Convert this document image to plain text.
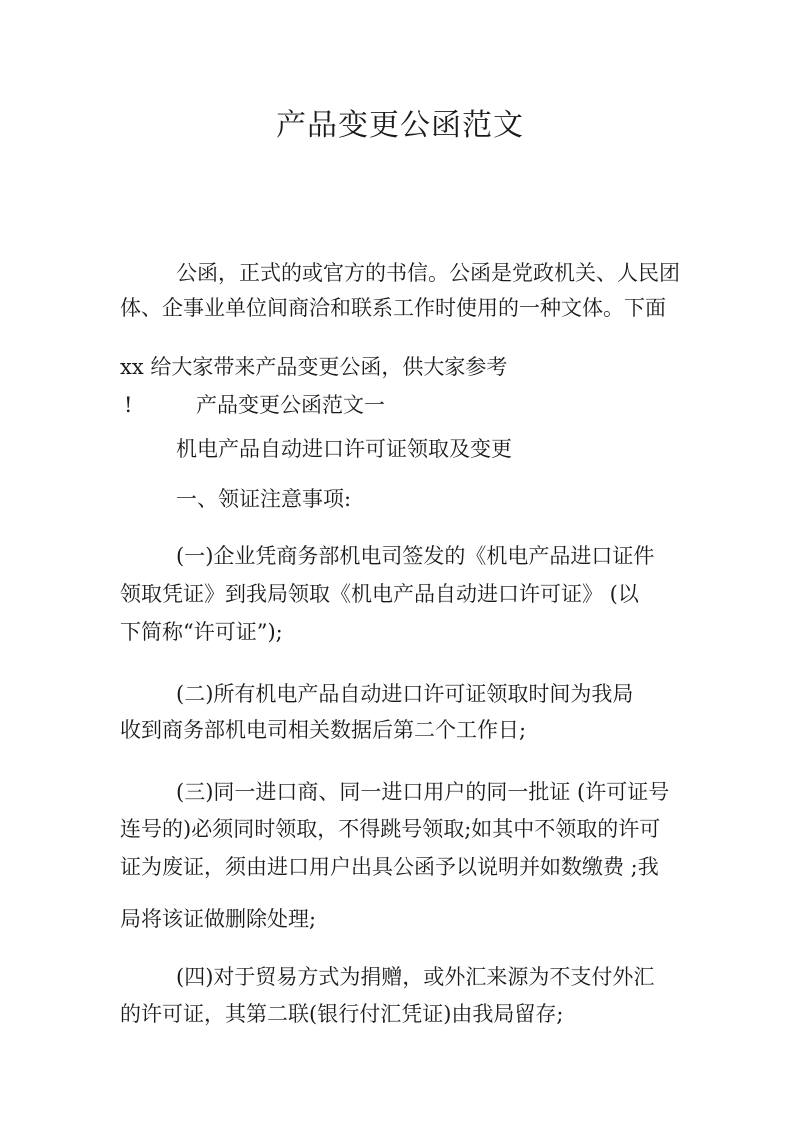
产品变更公函范文
公函，正式的或官方的书信。公函是党政机关、人民团
体、企事业单位间商洽和联系工作时使用的一种文体。下面
xx 给大家带来产品变更公函，供大家参考
!	产品变更公函范文一
机电产品自动进口许可证领取及变更
一、领证注意事项:
(一)企业凭商务部机电司签发的《机电产品进口证件
领取凭证》到我局领取《机电产品自动进口许可证》 (以
下简称“许可证”);
(二)所有机电产品自动进口许可证领取时间为我局
收到商务部机电司相关数据后第二个工作日;
(三)同一进口商、同一进口用户的同一批证 (许可证号
连号的)必须同时领取，不得跳号领取;如其中不领取的许可
证为废证，须由进口用户出具公函予以说明并如数缴费 ;我
局将该证做删除处理;
(四)对于贸易方式为捐赠，或外汇来源为不支付外汇
的许可证，其第二联(银行付汇凭证)由我局留存;
